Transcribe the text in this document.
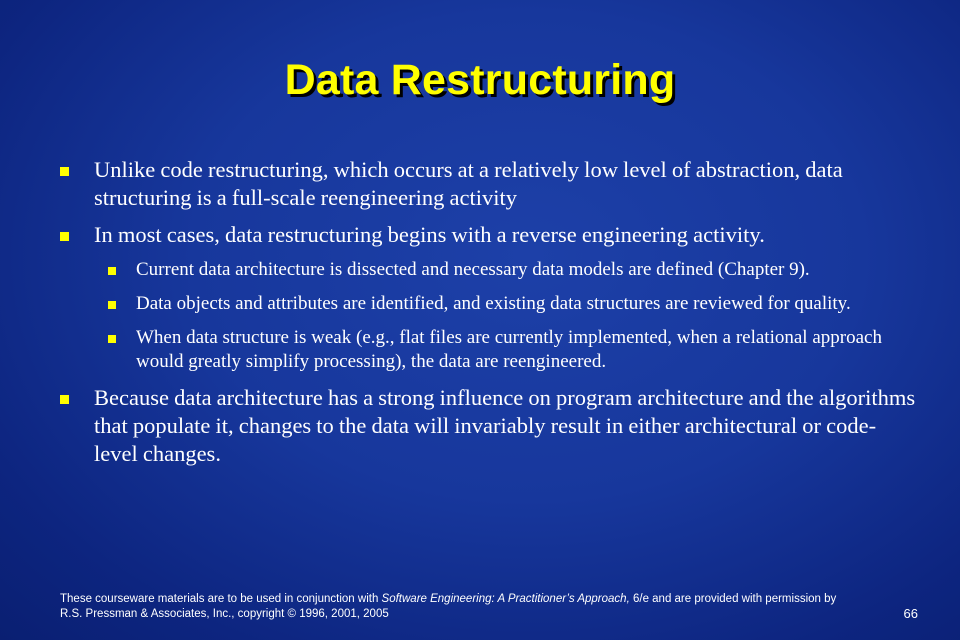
Data Restructuring
Unlike code restructuring, which occurs at a relatively low level of abstraction, data structuring is a full-scale reengineering activity
In most cases, data restructuring begins with a reverse engineering activity.
Current data architecture is dissected and necessary data models are defined (Chapter 9).
Data objects and attributes are identified, and existing data structures are reviewed for quality.
When data structure is weak (e.g., flat files are currently implemented, when a relational approach would greatly simplify processing), the data are reengineered.
Because data architecture has a strong influence on program architecture and the algorithms that populate it, changes to the data will invariably result in either architectural or code-level changes.
These courseware materials are to be used in conjunction with Software Engineering: A Practitioner’s Approach, 6/e and are provided with permission by R.S. Pressman & Associates, Inc., copyright © 1996, 2001, 2005	66
